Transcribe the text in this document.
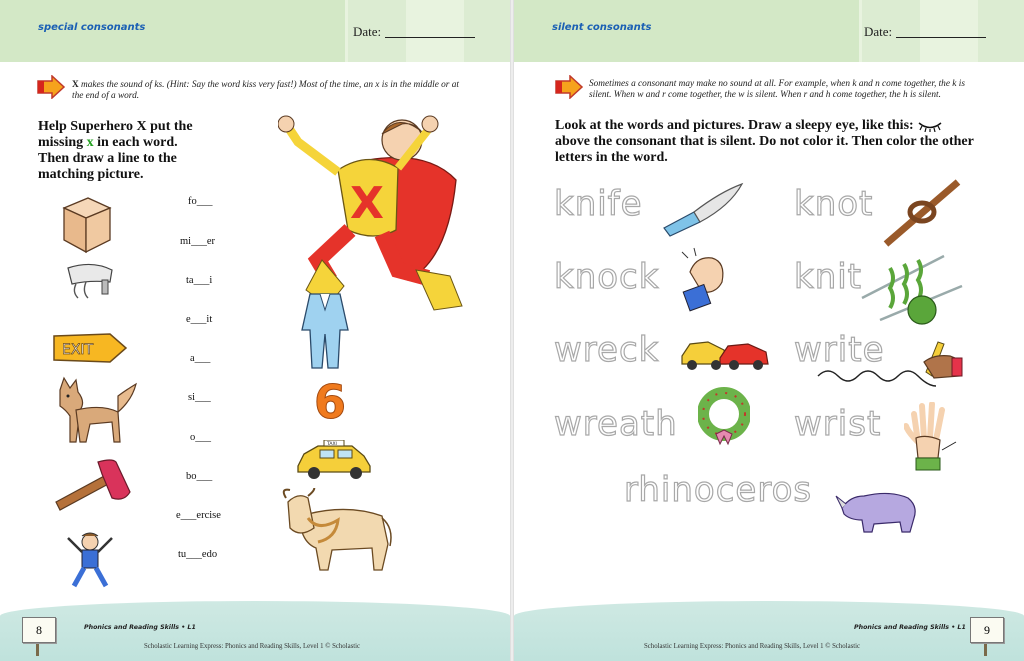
special consonants	Date:
X makes the sound of ks. (Hint: Say the word kiss very fast!) Most of the time, an x is in the middle or at the end of a word.
Help Superhero X put the
missing x in each word.
Then draw a line to the
matching picture.
fo___
mi___er
ta___i
e___it
a___
si___
o___
bo___
e___ercise
tu___edo
EXIT
X
6
TAXI
8	Phonics and Reading Skills • L1
Scholastic Learning Express: Phonics and Reading Skills, Level 1 © Scholastic
silent consonants	Date:
Sometimes a consonant may make no sound at all. For example, when k and n come together, the k is silent. When w and r come together, the w is silent. When r and h come together, the h is silent.
Look at the words and pictures. Draw a sleepy eye, like this:
above the consonant that is silent. Do not color it. Then color the other
letters in the word.
knife	knot
knock	knit
wreck	write
wreath	wrist
rhinoceros
9
Phonics and Reading Skills • L1
Scholastic Learning Express: Phonics and Reading Skills, Level 1 © Scholastic
